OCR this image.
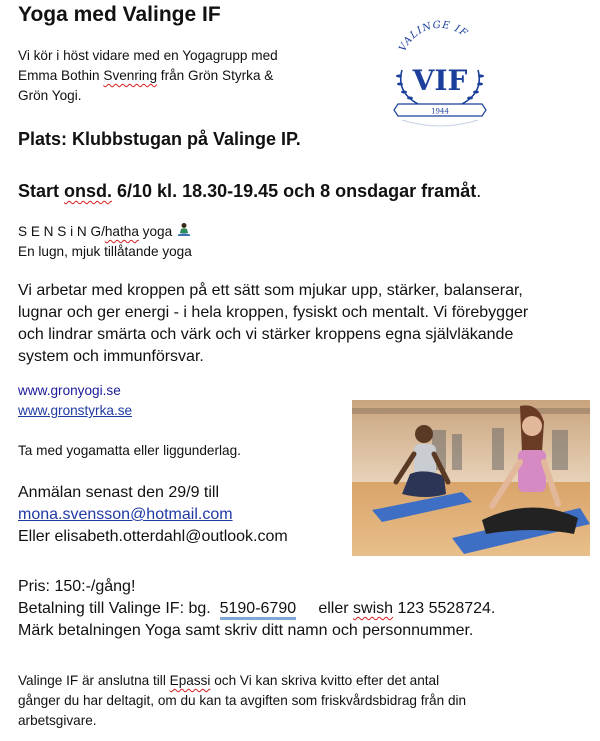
Yoga med Valinge IF
Vi kör i höst vidare med en Yogagrupp med
Emma Bothin Svenring från Grön Styrka &
Grön Yogi.
Plats: Klubbstugan på Valinge IP.
Start onsd. 6/10 kl. 18.30-19.45 och 8 onsdagar framåt.
S E N S i N G/hatha yoga
En lugn, mjuk tillåtande yoga
Vi arbetar med kroppen på ett sätt som mjukar upp, stärker, balanserar,
lugnar och ger energi - i hela kroppen, fysiskt och mentalt. Vi förebygger
och lindrar smärta och värk och vi stärker kroppens egna självläkande
system och immunförsvar.
www.gronyogi.se
www.gronstyrka.se
Ta med yogamatta eller liggunderlag.
Anmälan senast den 29/9 till
mona.svensson@hotmail.com
Eller elisabeth.otterdahl@outlook.com
Pris: 150:-/gång!
Betalning till Valinge IF: bg.  5190-6790     eller swish 123 5528724.
Märk betalningen Yoga samt skriv ditt namn och personnummer.
Valinge IF är anslutna till Epassi och Vi kan skriva kvitto efter det antal
gånger du har deltagit, om du kan ta avgiften som friskvårdsbidrag från din
arbetsgivare.
VALINGE IF
VIF
1944
